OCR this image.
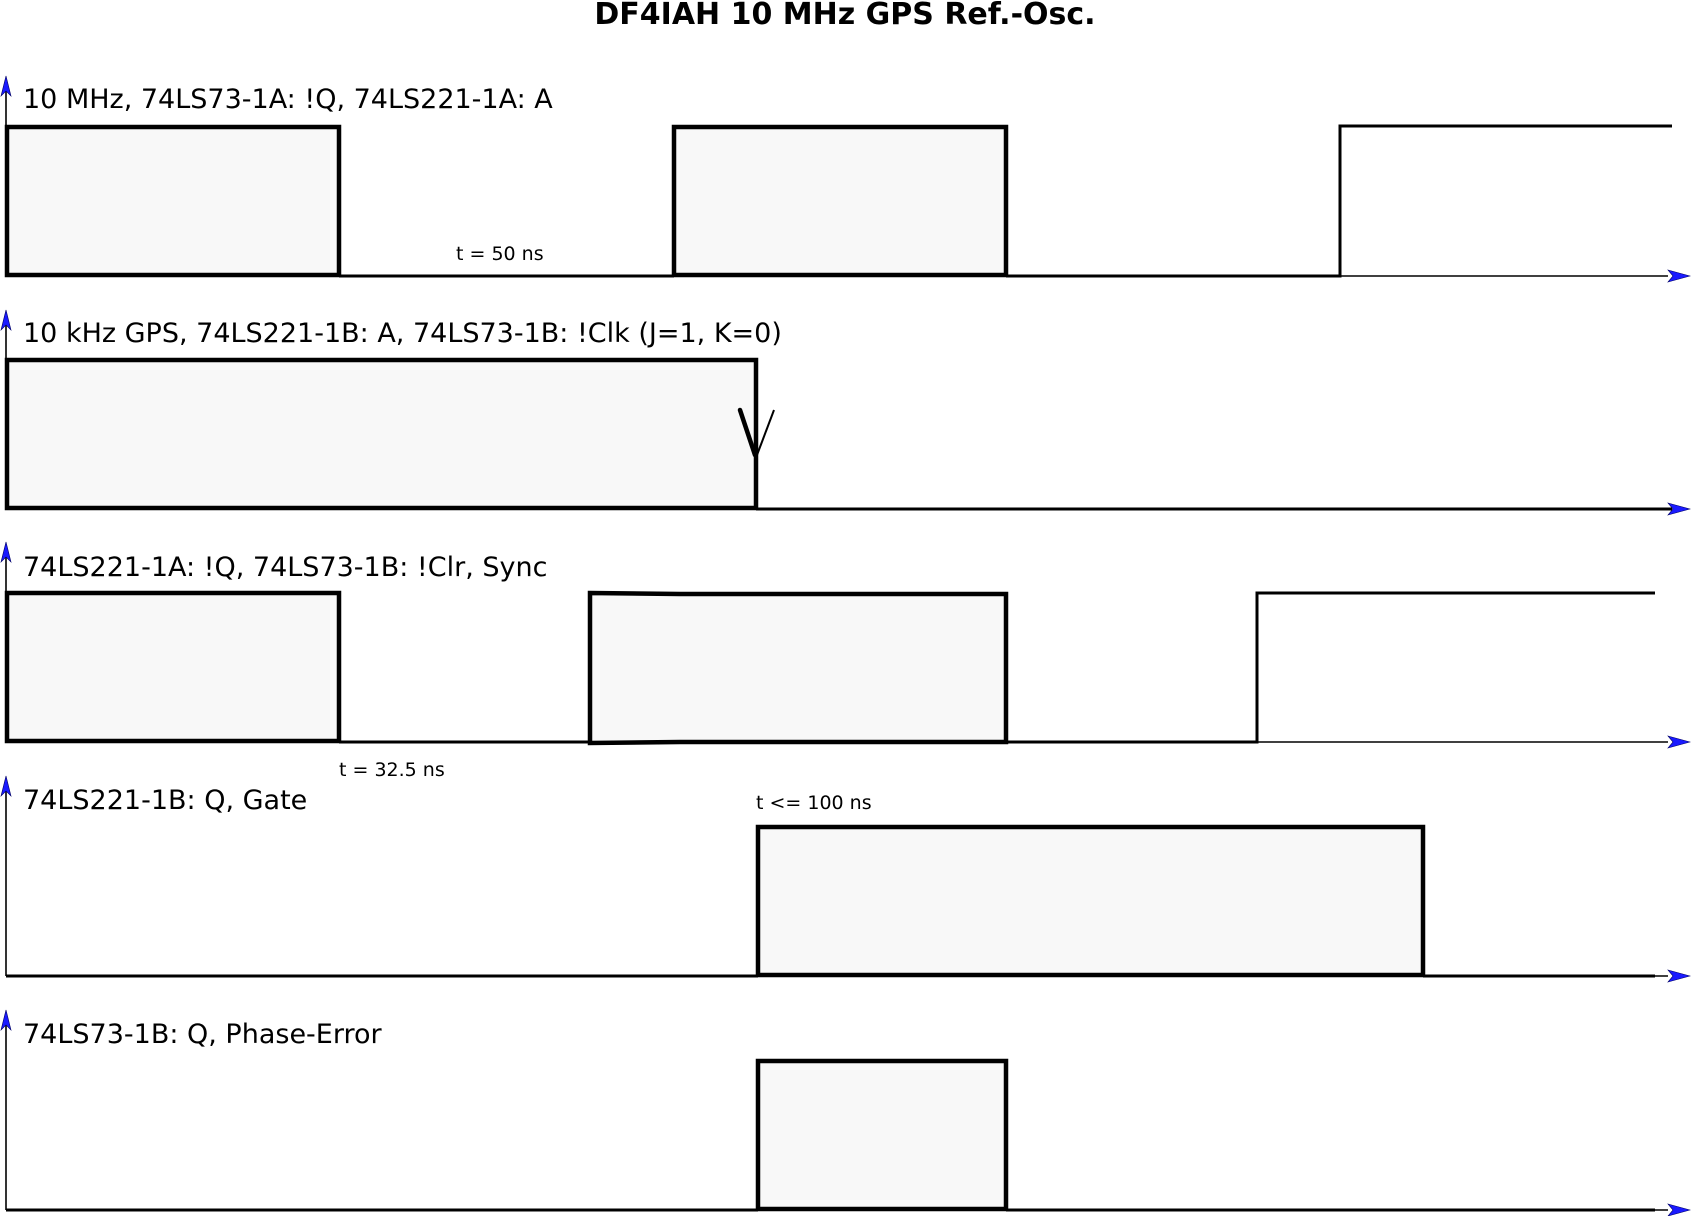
DF4IAH 10 MHz GPS Ref.-Osc.
10 MHz, 74LS73-1A: !Q, 74LS221-1A: A
t = 50 ns
10 kHz GPS, 74LS221-1B: A, 74LS73-1B: !Clk (J=1, K=0)
74LS221-1A: !Q, 74LS73-1B: !Clr, Sync
t = 32.5 ns
74LS221-1B: Q, Gate	t <= 100 ns
74LS73-1B: Q, Phase-Error
